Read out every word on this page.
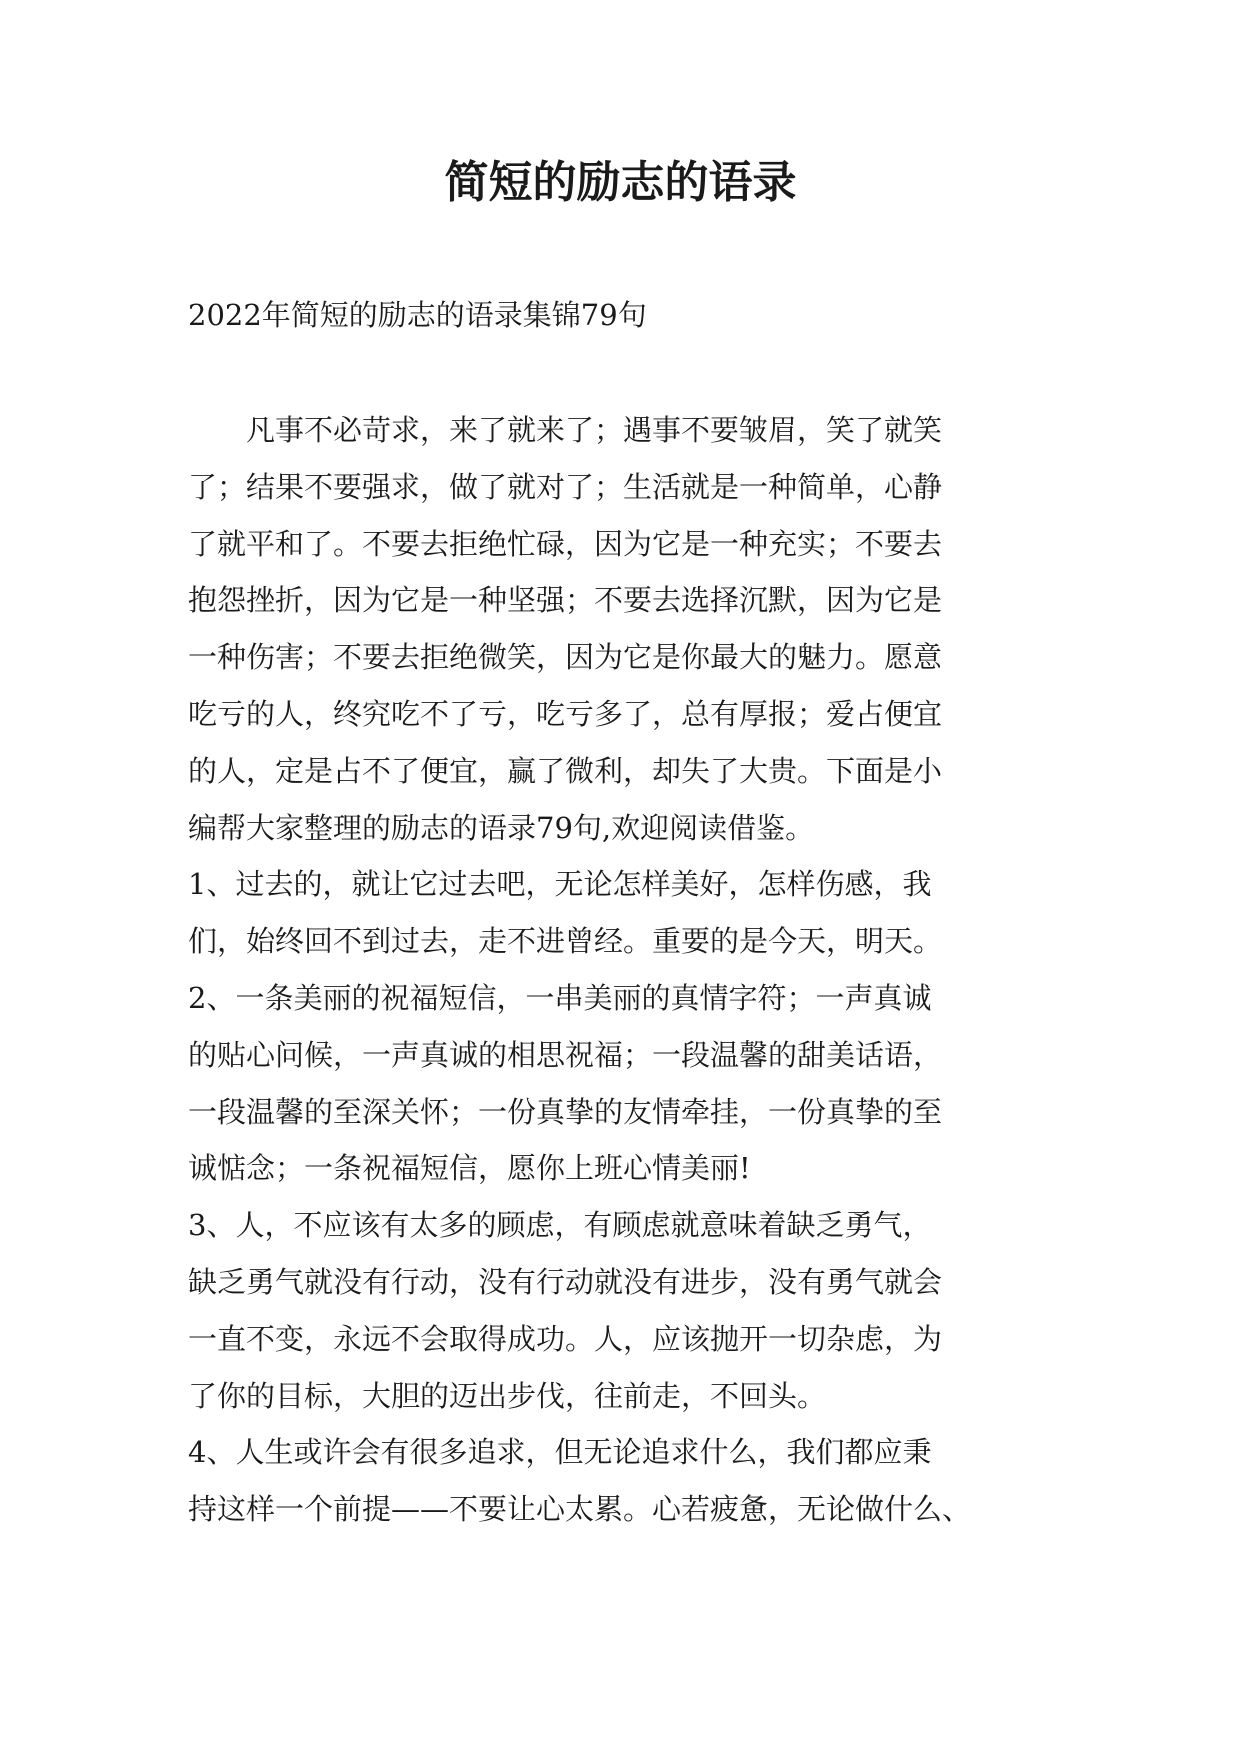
简短的励志的语录

2022年简短的励志的语录集锦79句

　　凡事不必苛求，来了就来了；遇事不要皱眉，笑了就笑
了；结果不要强求，做了就对了；生活就是一种简单，心静
了就平和了。不要去拒绝忙碌，因为它是一种充实；不要去
抱怨挫折，因为它是一种坚强；不要去选择沉默，因为它是
一种伤害；不要去拒绝微笑，因为它是你最大的魅力。愿意
吃亏的人，终究吃不了亏，吃亏多了，总有厚报；爱占便宜
的人，定是占不了便宜，赢了微利，却失了大贵。下面是小
编帮大家整理的励志的语录79句,欢迎阅读借鉴。
1、过去的，就让它过去吧，无论怎样美好，怎样伤感，我
们，始终回不到过去，走不进曾经。重要的是今天，明天。
2、一条美丽的祝福短信，一串美丽的真情字符；一声真诚
的贴心问候，一声真诚的相思祝福；一段温馨的甜美话语，
一段温馨的至深关怀；一份真挚的友情牵挂，一份真挚的至
诚惦念；一条祝福短信，愿你上班心情美丽!
3、人，不应该有太多的顾虑，有顾虑就意味着缺乏勇气，
缺乏勇气就没有行动，没有行动就没有进步，没有勇气就会
一直不变，永远不会取得成功。人，应该抛开一切杂虑，为
了你的目标，大胆的迈出步伐，往前走，不回头。
4、人生或许会有很多追求，但无论追求什么，我们都应秉
持这样一个前提——不要让心太累。心若疲惫，无论做什么、
